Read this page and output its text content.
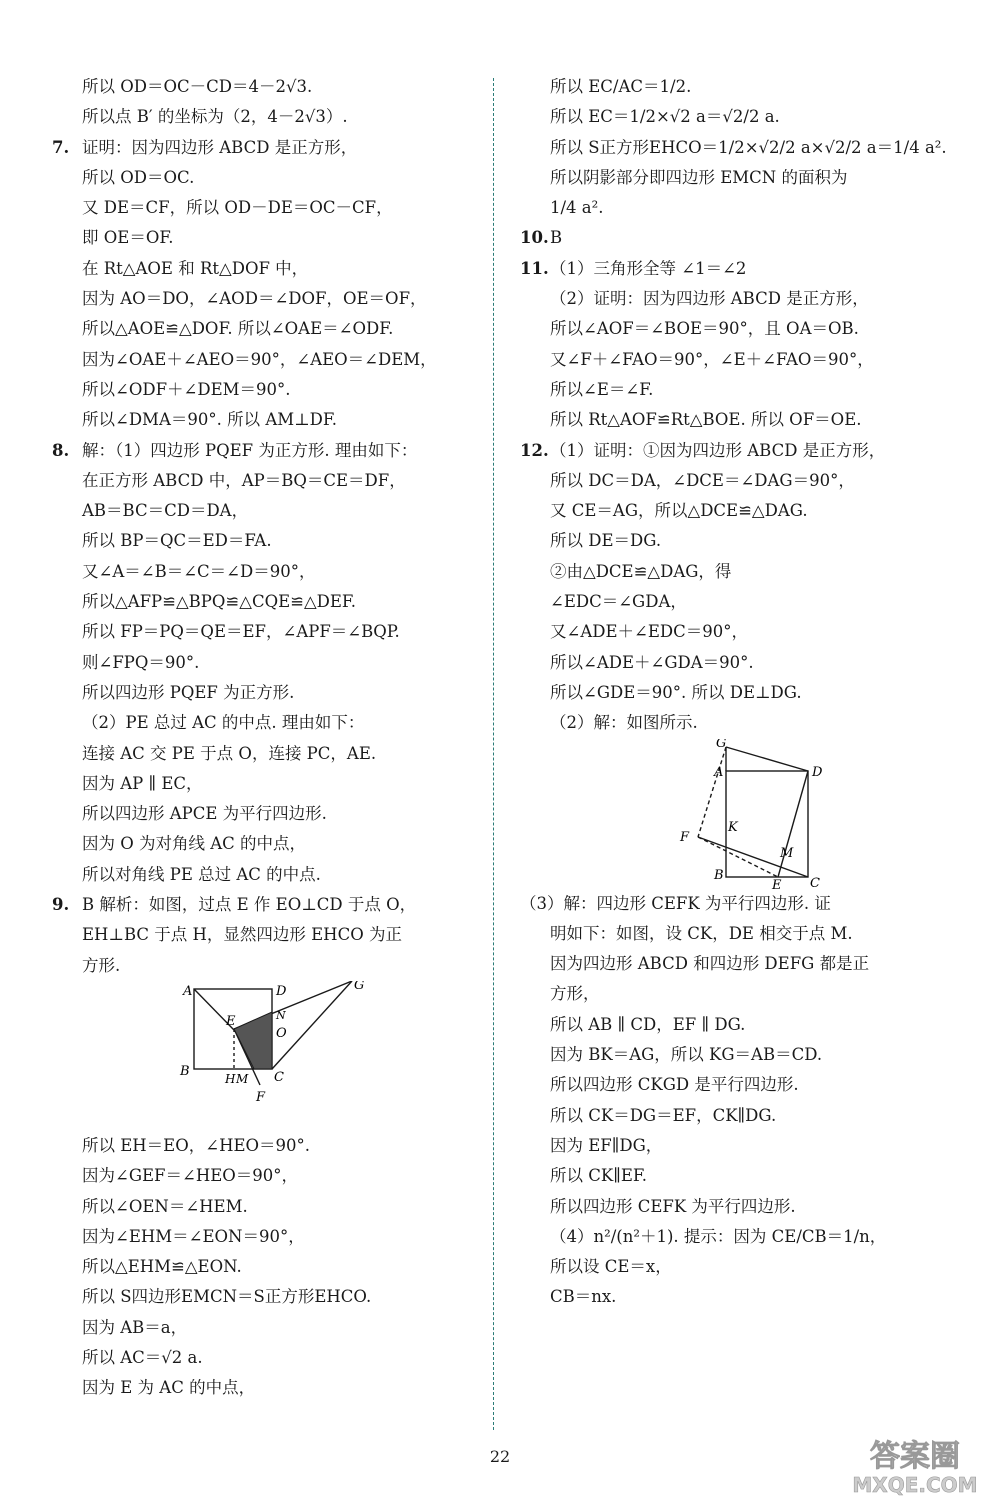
所以 OD＝OC－CD＝4－2√3.
所以点 B′ 的坐标为（2，4－2√3）.
7. 证明：因为四边形 ABCD 是正方形，
所以 OD＝OC.
又 DE＝CF，所以 OD－DE＝OC－CF，
即 OE＝OF.
在 Rt△AOE 和 Rt△DOF 中，
因为 AO＝DO，∠AOD＝∠DOF，OE＝OF，
所以△AOE≌△DOF. 所以∠OAE＝∠ODF.
因为∠OAE＋∠AEO＝90°，∠AEO＝∠DEM，
所以∠ODF＋∠DEM＝90°.
所以∠DMA＝90°. 所以 AM⊥DF.
8. 解：（1）四边形 PQEF 为正方形. 理由如下：
在正方形 ABCD 中，AP＝BQ＝CE＝DF，
AB＝BC＝CD＝DA，
所以 BP＝QC＝ED＝FA.
又∠A＝∠B＝∠C＝∠D＝90°，
所以△AFP≌△BPQ≌△CQE≌△DEF.
所以 FP＝PQ＝QE＝EF，∠APF＝∠BQP.
则∠FPQ＝90°.
所以四边形 PQEF 为正方形.
（2）PE 总过 AC 的中点. 理由如下：
连接 AC 交 PE 于点 O，连接 PC，AE.
因为 AP ∥ EC，
所以四边形 APCE 为平行四边形.
因为 O 为对角线 AC 的中点，
所以对角线 PE 总过 AC 的中点.
9. B 解析：如图，过点 E 作 EO⊥CD 于点 O，
EH⊥BC 于点 H，显然四边形 EHCO 为正
方形.
A	D	G
E	N
O
B	H M C
F
所以 EH＝EO，∠HEO＝90°.
因为∠GEF＝∠HEO＝90°，
所以∠OEN＝∠HEM.
因为∠EHM＝∠EON＝90°，
所以△EHM≌△EON.
所以 S四边形EMCN＝S正方形EHCO.
因为 AB＝a，
所以 AC＝√2 a.
因为 E 为 AC 的中点，
所以 EC/AC＝1/2.
所以 EC＝1/2×√2 a＝√2/2 a.
所以 S正方形EHCO＝1/2×√2/2 a×√2/2 a＝1/4 a².
所以阴影部分即四边形 EMCN 的面积为
1/4 a².
10.B
11.（1）三角形全等 ∠1＝∠2
（2）证明：因为四边形 ABCD 是正方形，
所以∠AOF＝∠BOE＝90°，且 OA＝OB.
又∠F＋∠FAO＝90°，∠E＋∠FAO＝90°，
所以∠E＝∠F.
所以 Rt△AOF≌Rt△BOE. 所以 OF＝OE.
12.（1）证明：①因为四边形 ABCD 是正方形，
所以 DC＝DA，∠DCE＝∠DAG＝90°，
又 CE＝AG，所以△DCE≌△DAG.
所以 DE＝DG.
②由△DCE≌△DAG，得
∠EDC＝∠GDA，
又∠ADE＋∠EDC＝90°，
所以∠ADE＋∠GDA＝90°.
所以∠GDE＝90°. 所以 DE⊥DG.
（2）解：如图所示.
G
A	D
F
K
M
B
E C
（3）解：四边形 CEFK 为平行四边形. 证
明如下：如图，设 CK，DE 相交于点 M.
因为四边形 ABCD 和四边形 DEFG 都是正
方形，
所以 AB ∥ CD，EF ∥ DG.
因为 BK＝AG，所以 KG＝AB＝CD.
所以四边形 CKGD 是平行四边形.
所以 CK＝DG＝EF，CK∥DG.
因为 EF∥DG，
所以 CK∥EF.
所以四边形 CEFK 为平行四边形.
（4）n²/(n²＋1). 提示：因为 CE/CB＝1/n，
所以设 CE＝x，
CB＝nx.
22	答案圈
MXQE.COM
